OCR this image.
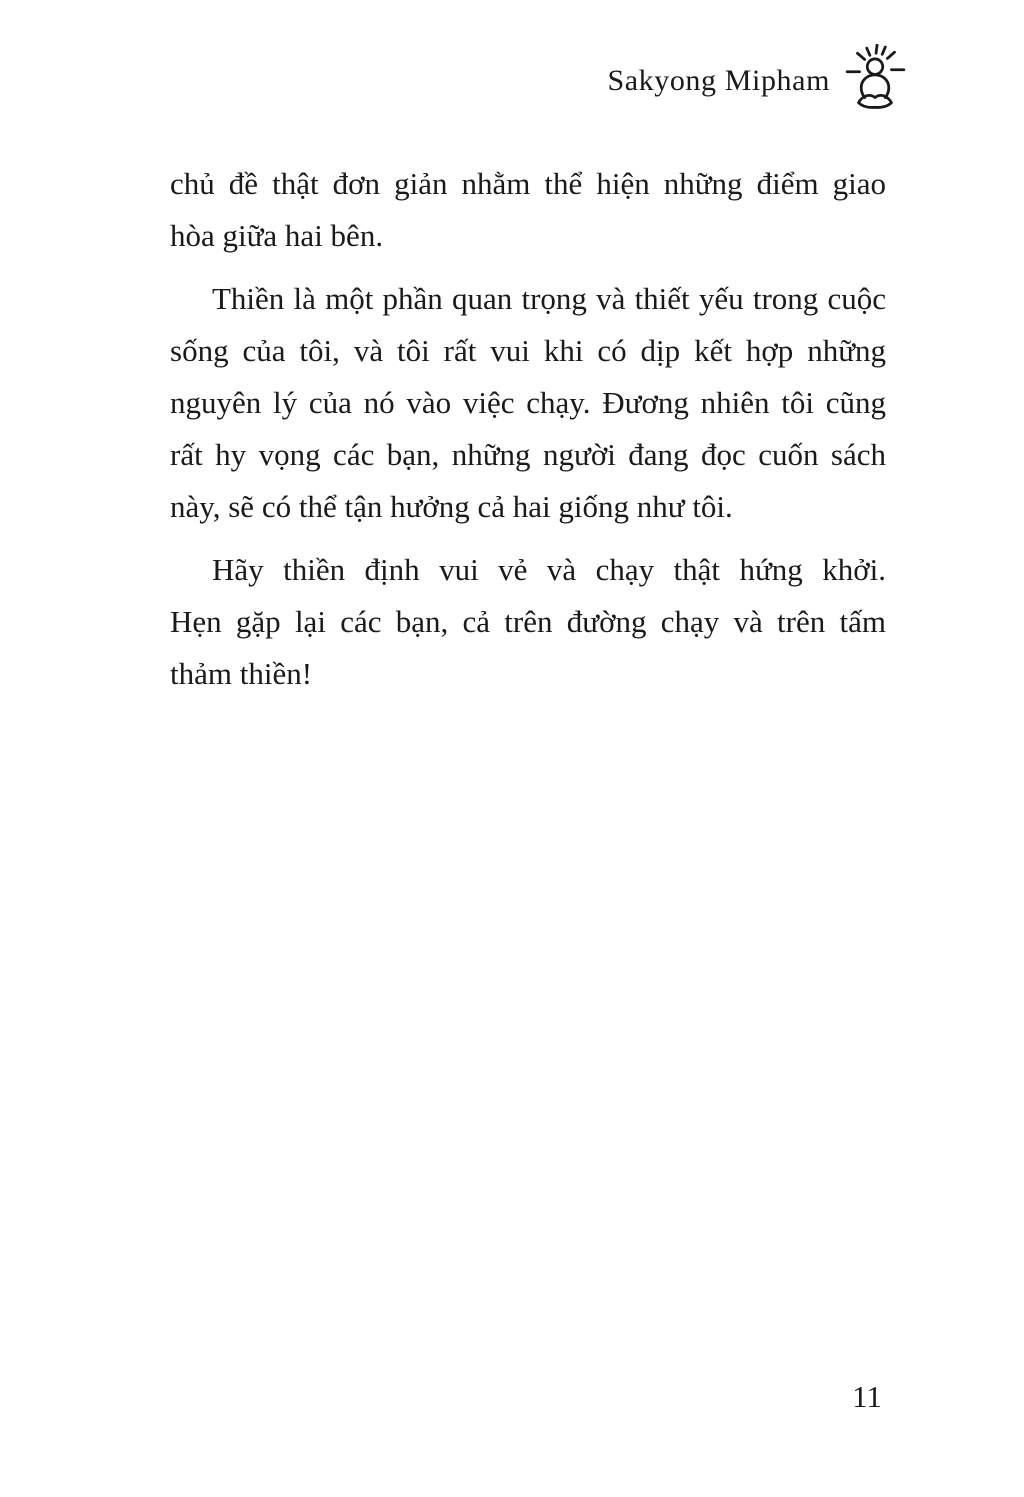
Sakyong Mipham
chủ đề thật đơn giản nhằm thể hiện những điểm giao
hòa giữa hai bên.
Thiền là một phần quan trọng và thiết yếu trong cuộc
sống của tôi, và tôi rất vui khi có dịp kết hợp những
nguyên lý của nó vào việc chạy. Đương nhiên tôi cũng
rất hy vọng các bạn, những người đang đọc cuốn sách
này, sẽ có thể tận hưởng cả hai giống như tôi.
Hãy thiền định vui vẻ và chạy thật hứng khởi.
Hẹn gặp lại các bạn, cả trên đường chạy và trên tấm
thảm thiền!
11
